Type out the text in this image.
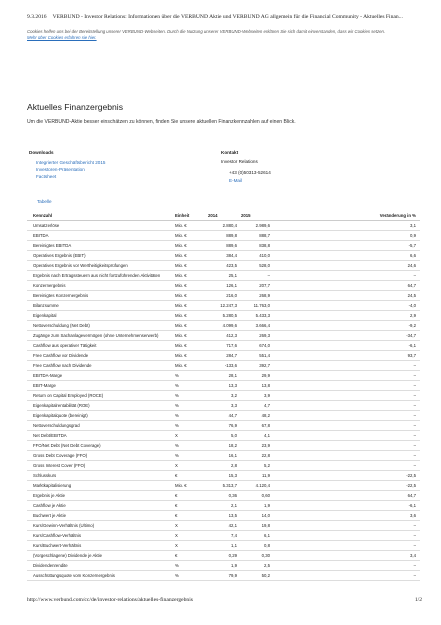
9.3.2016 VERBUND - Investor Relations: Informationen über die VERBUND Aktie und VERBUND AG allgemein für die Financial Community - Aktuelles Finan...
Cookies helfen uns bei der Bereitstellung unserer VERBUND-Webseiten. Durch die Nutzung unserer VERBUND-Webseiten erklären Sie sich damit einverstanden, dass wir Cookies setzen. Mehr über Cookies erfahren sie hier.
Aktuelles Finanzergebnis
Um die VERBUND-Aktie besser einschätzen zu können, finden Sie unsere aktuellen Finanzkennzahlen auf einen Blick.
Downloads
Integrierter Geschäftsbericht 2015
Investoren-Präsentation
Factsheet
Kontakt
Investor Relations
+43 (0)50313-52614
E-Mail
Tabelle
Kennzahl	Einheit	2014	2015	Veränderung in %
Umsatzerlöse	Mio. €	2.880,4	2.989,6	3,1
EBITDA	Mio. €	889,8	888,7	0,9
Bereinigtes EBITDA	Mio. €	889,6	838,8	-5,7
Operatives Ergebnis (EBIT)	Mio. €	384,4	410,0	6,6
Operatives Ergebnis vor Wertheitigkeitsprüfungen	Mio. €	423,5	528,0	24,6
Ergebnis nach Ertragssteuern aus nicht fortzuführenden Aktivitäten	Mio. €	25,1	–	–
Konzernergebnis	Mio. €	126,1	207,7	64,7
Bereinigtes Konzernergebnis	Mio. €	216,0	268,9	24,5
Bilanzsumme	Mio. €	12.247,3	11.763,0	-4,0
Eigenkapital	Mio. €	5.280,5	5.433,3	2,9
Nettoverschuldung (Net Debt)	Mio. €	4.099,6	3.666,4	-9,2
Zugänge zum Sachanlagevermögen (ohne Unternehmenserwerb)	Mio. €	412,3	269,3	-34,7
Cashflow aus operativer Tätigkeit	Mio. €	717,6	674,0	-6,1
Free Cashflow vor Dividende	Mio. €	284,7	551,4	93,7
Free Cashflow nach Dividende	Mio. €	-133,6	392,7	–
EBITDA-Marge	%	28,1	29,9	–
EBIT-Marge	%	13,3	13,8	–
Return on Capital Employed (ROCE)	%	3,2	3,9	–
Eigenkapitalrentabilität (ROE)	%	3,3	4,7	–
Eigenkapitalquote (bereinigt)	%	44,7	48,2	–
Nettoverschuldungsgrad	%	76,9	67,8	–
Net Debt/EBITDA	X	5,0	4,1	–
FFO/Net Debt (Net Debt Coverage)	%	18,2	23,9	–
Gross Debt Coverage (FFO)	%	16,1	22,8	–
Gross Interest Cover (FFO)	X	2,8	5,2	–
Schlusskurs	€	15,3	11,9	-22,5
Marktkapitalisierung	Mio. €	5.313,7	4.120,4	-22,5
Ergebnis je Aktie	€	0,36	0,60	64,7
Cashflow je Aktie	€	2,1	1,9	-6,1
Buchwert je Aktie	€	13,5	14,0	3,6
Kurs/Gewinn-Verhältnis (Ultimo)	X	42,1	19,8	–
Kurs/Cashflow-Verhältnis	X	7,4	6,1	–
Kurs/Buchwert-Verhältnis	X	1,1	0,8	–
(Vorgeschlagene) Dividende je Aktie	€	0,29	0,30	3,4
Dividendenrendite	%	1,9	2,5	–
Ausschüttungsquote vom Konzernergebnis	%	79,9	50,2	–
http://www.verbund.com/cc/de/investor-relations/aktuelles-finanzergebnis	1/2
